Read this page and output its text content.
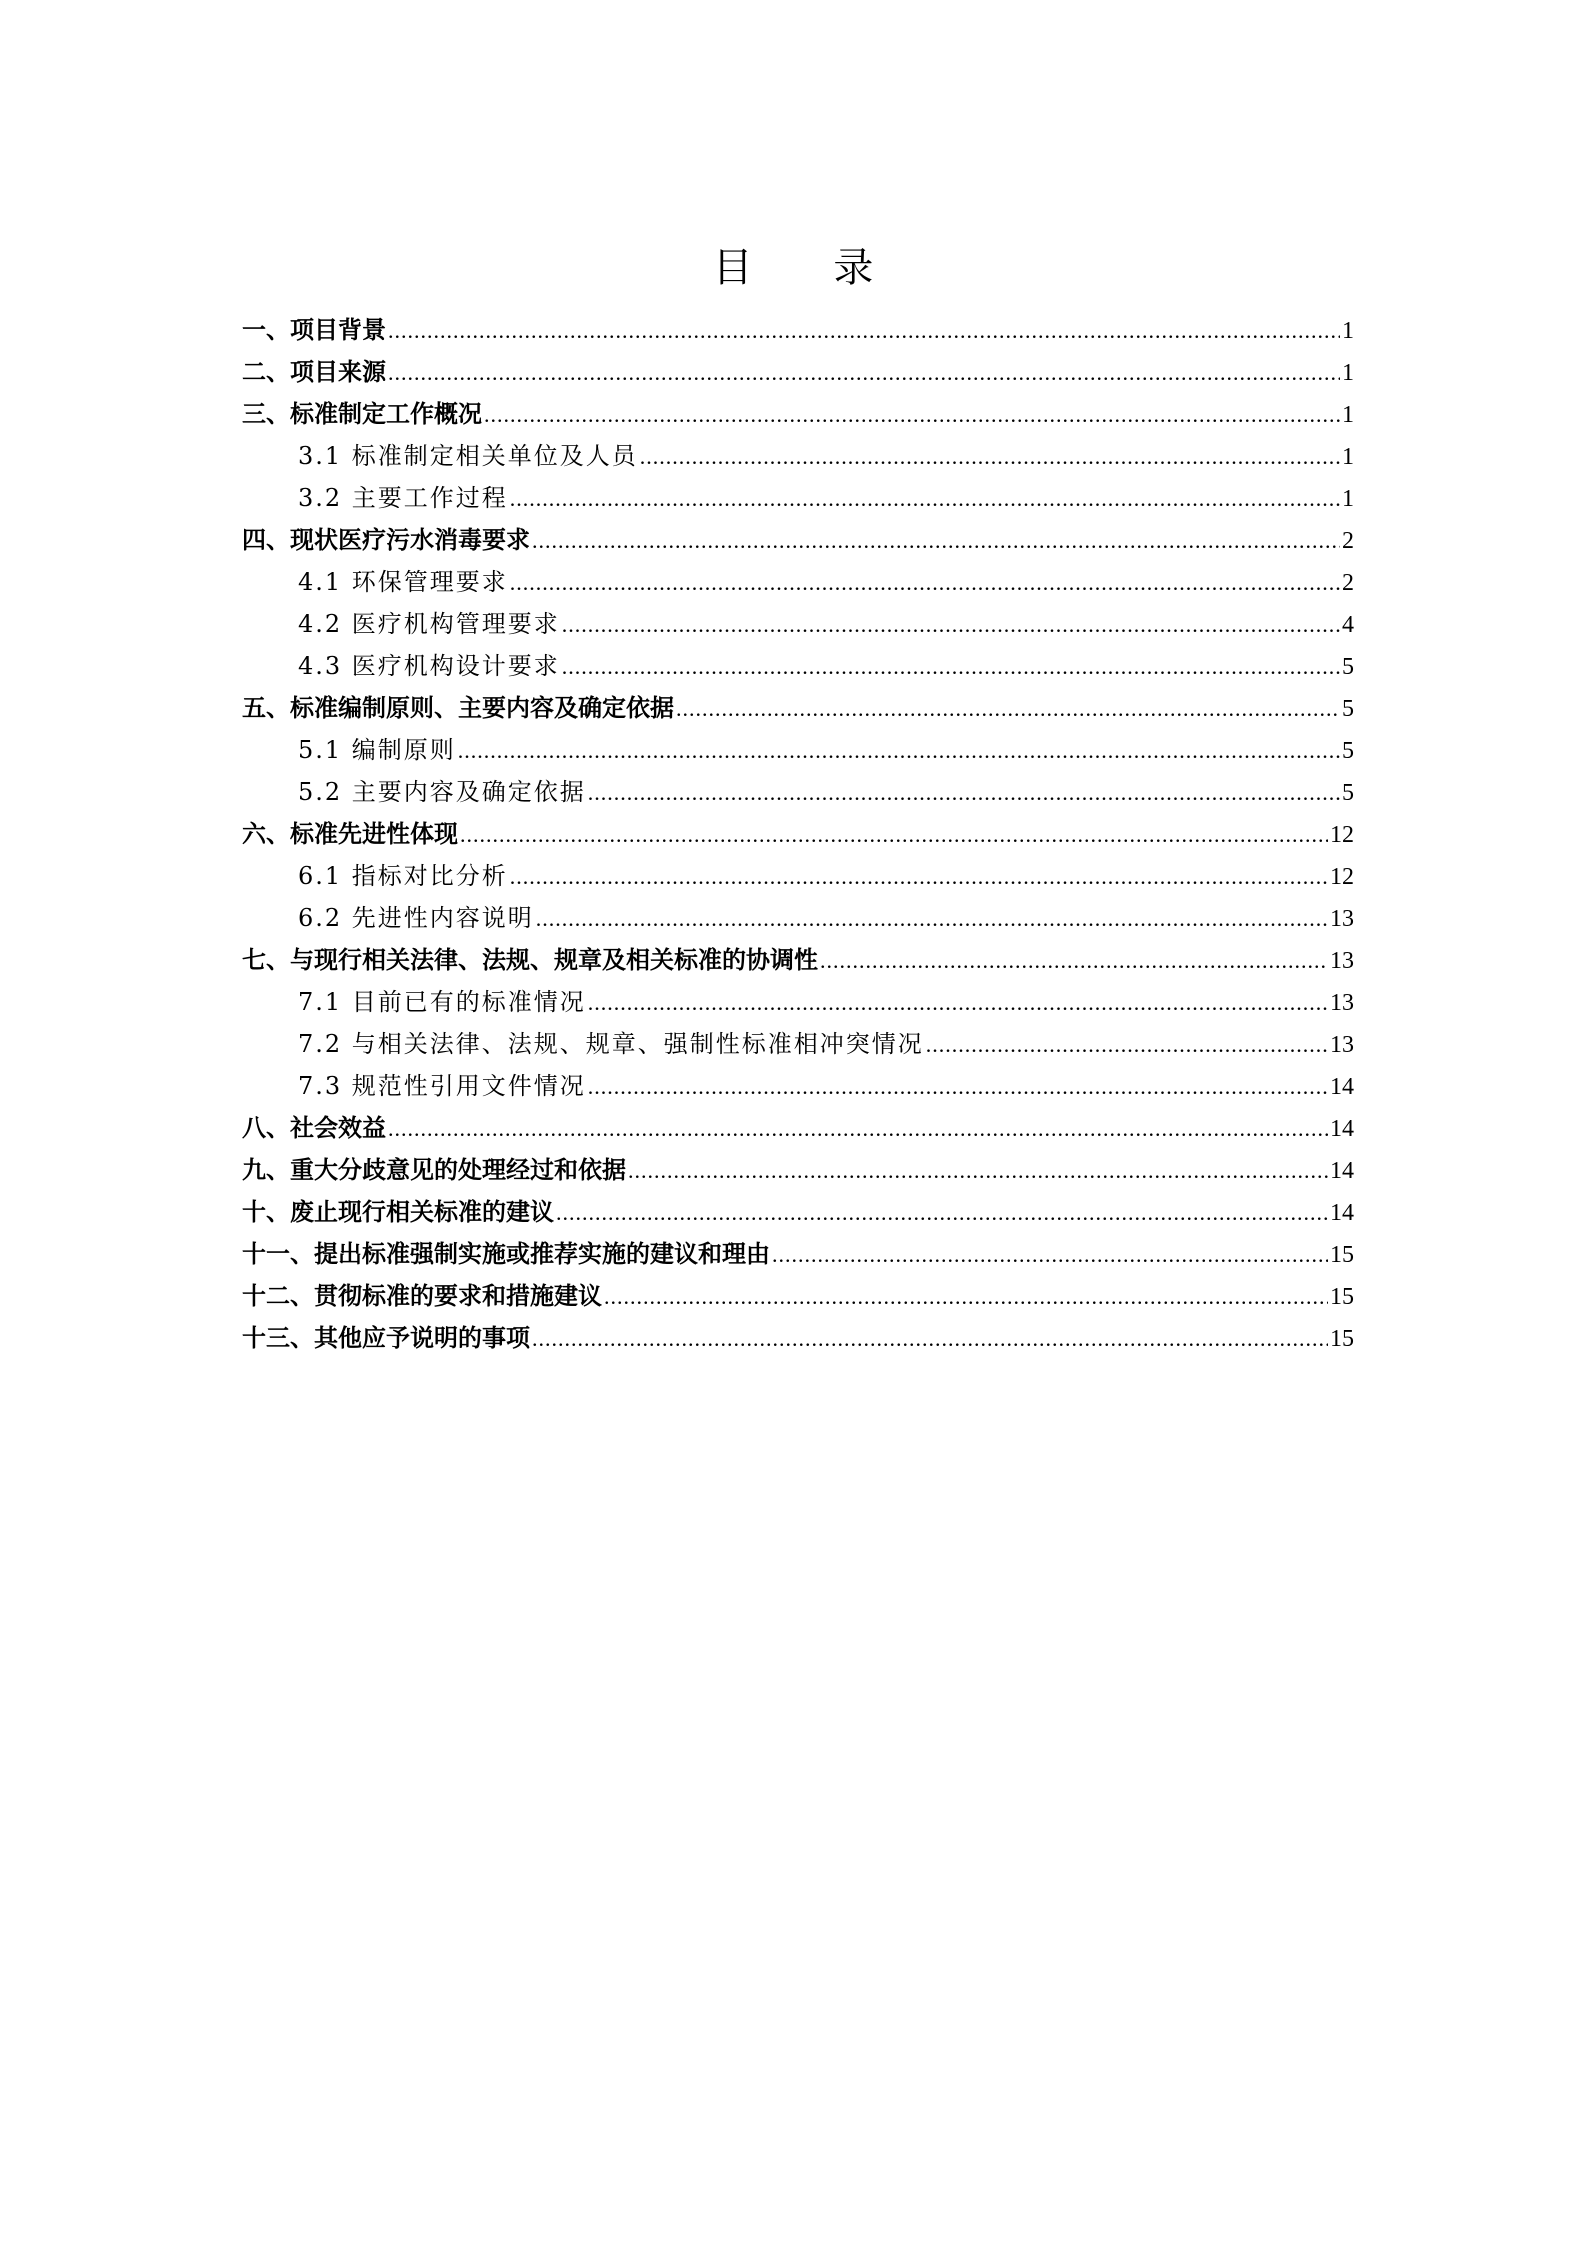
目 录
一、项目背景 .....	1
二、项目来源 .....	1
三、标准制定工作概况 .....	1
3.1 标准制定相关单位及人员 .....	1
3.2 主要工作过程 .....	1
四、现状医疗污水消毒要求 .....	2
4.1 环保管理要求 .....	2
4.2 医疗机构管理要求 .....	4
4.3 医疗机构设计要求 .....	5
五、标准编制原则、主要内容及确定依据 .....	5
5.1 编制原则 .....	5
5.2 主要内容及确定依据 .....	5
六、标准先进性体现 .....	12
6.1 指标对比分析 .....	12
6.2 先进性内容说明 .....	13
七、与现行相关法律、法规、规章及相关标准的协调性 .....	13
7.1 目前已有的标准情况 .....	13
7.2 与相关法律、法规、规章、强制性标准相冲突情况 .....	13
7.3 规范性引用文件情况 .....	14
八、社会效益 .....	14
九、重大分歧意见的处理经过和依据 .....	14
十、废止现行相关标准的建议 .....	14
十一、提出标准强制实施或推荐实施的建议和理由 .....	15
十二、贯彻标准的要求和措施建议 .....	15
十三、其他应予说明的事项 .....	15
